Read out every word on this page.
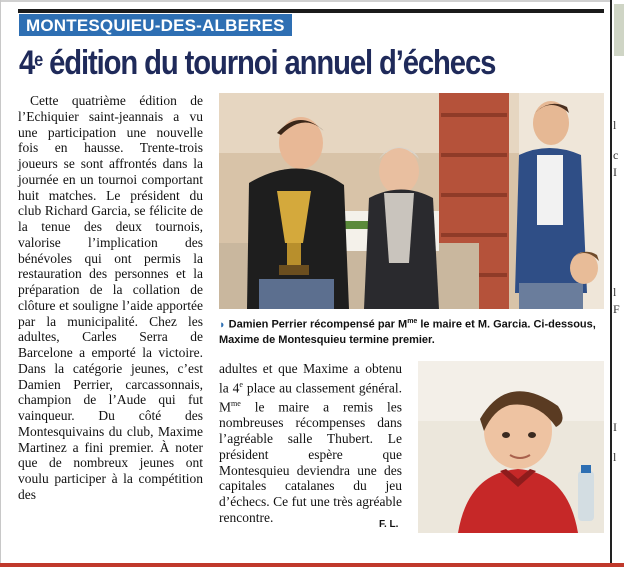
l
c
I
l
F
I
l
MONTESQUIEU-DES-ALBERES
4e édition du tournoi annuel d’échecs

Cette quatrième édition de l’Echiquier saint-jeannais a vu une participation une nouvelle fois en hausse. Trente-trois joueurs se sont affrontés dans la journée en un tournoi comportant huit matches. Le président du club Richard Garcia, se félicite de la tenue des deux tournois, valorise l’implication des bénévoles qui ont permis la restauration des personnes et la préparation de la collation de clôture et souligne l’aide apportée par la municipalité. Chez les adultes, Carles Serra de Barcelone a emporté la victoire. Dans la catégorie jeunes, c’est Damien Perrier, carcassonnais, champion de l’Aude qui fut vainqueur. Du côté des Montesquivains du club, Maxime Martinez a fini premier. À noter que de nombreux jeunes ont voulu participer à la compétition des

◗ Damien Perrier récompensé par $M^{me}$ le maire et M. Garcia. Ci-dessous, Maxime de Montesquieu termine premier.

adultes et que Maxime a obtenu la 4e place au classement général. $M^{me}$ le maire a remis les nombreuses récompenses dans l’agréable salle Thubert. Le président espère que Montesquieu deviendra une des capitales catalanes du jeu d’échecs. Ce fut une très agréable rencontre.	F. L.
